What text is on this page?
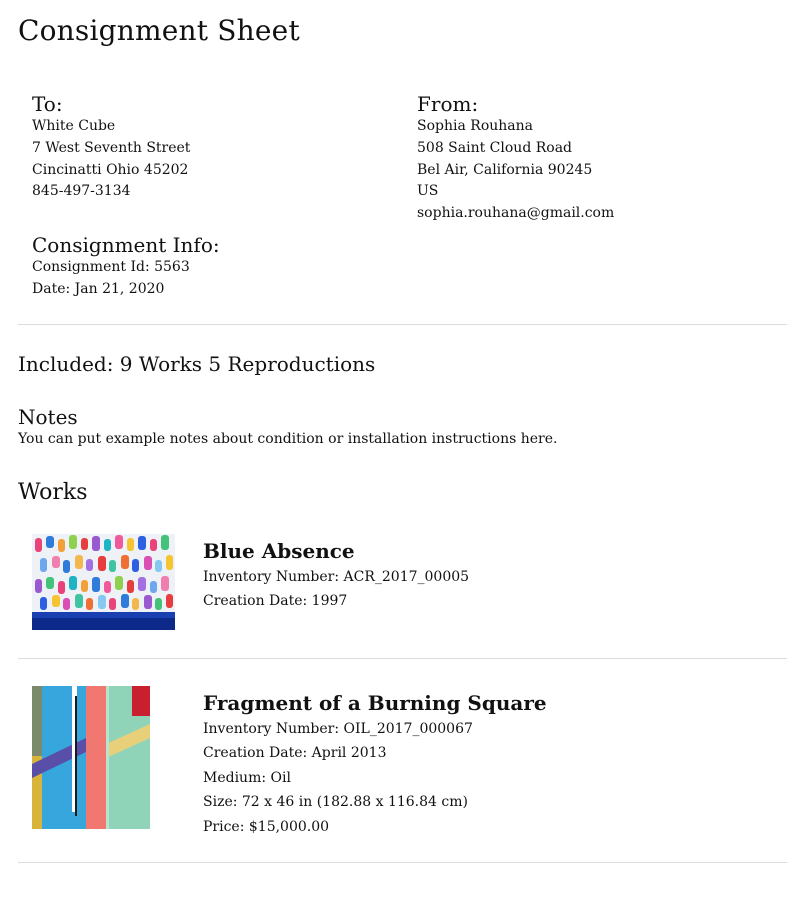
Consignment Sheet
To:
White Cube
7 West Seventh Street
Cincinatti Ohio 45202
845-497-3134
From:
Sophia Rouhana
508 Saint Cloud Road
Bel Air, California 90245
US
sophia.rouhana@gmail.com
Consignment Info:
Consignment Id: 5563
Date: Jan 21, 2020
Included: 9 Works 5 Reproductions
Notes
You can put example notes about condition or installation instructions here.
Works
Blue Absence
Inventory Number: ACR_2017_00005
Creation Date: 1997
Fragment of a Burning Square
Inventory Number: OIL_2017_000067
Creation Date: April 2013
Medium: Oil
Size: 72 x 46 in (182.88 x 116.84 cm)
Price: $15,000.00
